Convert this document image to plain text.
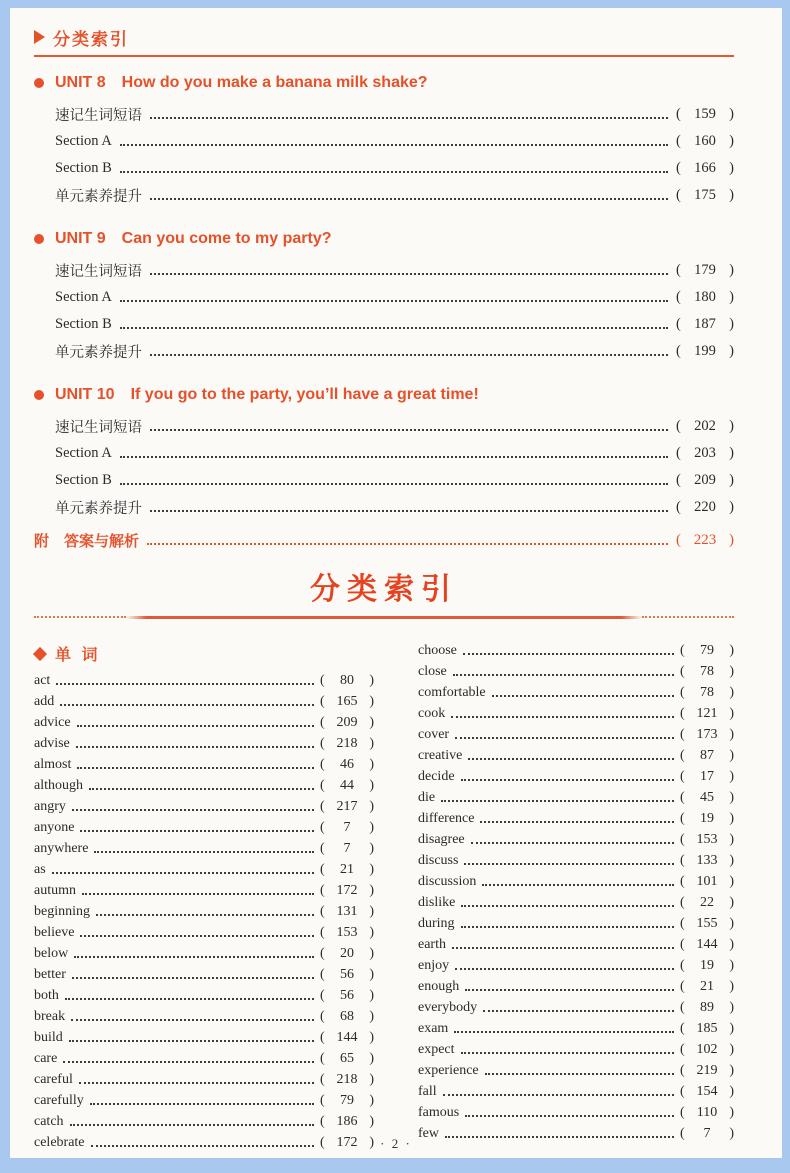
分类索引
UNIT 8 How do you make a banana milk shake?
速记生词短语	( 159 )
Section A	( 160 )
Section B	( 166 )
单元素养提升	( 175 )
UNIT 9 Can you come to my party?
速记生词短语	( 179 )
Section A	( 180 )
Section B	( 187 )
单元素养提升	( 199 )
UNIT 10 If you go to the party, you’ll have a great time!
速记生词短语	( 202 )
Section A	( 203 )
Section B	( 209 )
单元素养提升	( 220 )
附 答案与解析	( 223 )
分类索引
单 词
act	(	80	)
add	( 165 )
advice	( 209 )
advise	( 218 )
almost	(	46	)
although	(	44	)
angry	( 217 )
anyone	(	7	)
anywhere	(	7	)
as	(	21	)
autumn	( 172 )
beginning	( 131 )
believe	( 153 )
below	(	20	)
better	(	56	)
both	(	56	)
break	(	68	)
build	( 144 )
care	(	65	)
careful	( 218 )
carefully	(	79	)
catch	( 186 )
celebrate	( 172 )
choose	(	79	)
close	(	78	)
comfortable	(	78	)
cook	( 121 )
cover	( 173 )
creative	(	87	)
decide	(	17	)
die	(	45	)
difference	(	19	)
disagree	( 153 )
discuss	( 133 )
discussion	( 101 )
dislike	(	22	)
during	( 155 )
earth	( 144 )
enjoy	(	19	)
enough	(	21	)
everybody	(	89	)
exam	( 185 )
expect	( 102 )
experience	( 219 )
fall	( 154 )
famous	( 110 )
few	(	7	)
· 2 ·
